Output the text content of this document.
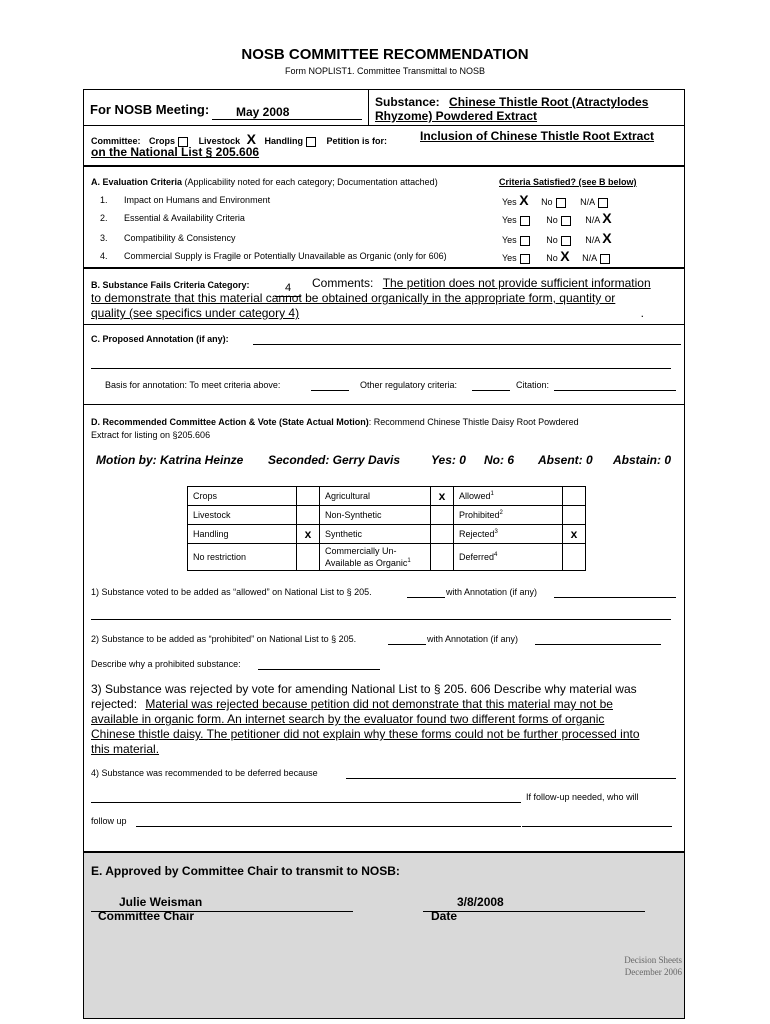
NOSB COMMITTEE RECOMMENDATION
Form NOPLIST1. Committee Transmittal to NOSB
For NOSB Meeting:	May 2008
Substance: Chinese Thistle Root (Atractylodes
Rhyzome) Powdered Extract
Committee: Crops	Livestock X Handling	Petition is for:	Inclusion of Chinese Thistle Root Extract
on the National List § 205.606
A. Evaluation Criteria (Applicability noted for each category; Documentation attached)	Criteria Satisfied? (see B below)
1. Impact on Humans and Environment	Yes X No	N/A
2. Essential & Availability Criteria	Yes	No	N/A X
3. Compatibility & Consistency	Yes	No	N/A X
4. Commercial Supply is Fragile or Potentially Unavailable as Organic (only for 606)	Yes	No X N/A
B. Substance Fails Criteria Category:	4	Comments: The petition does not provide sufficient information
to demonstrate that this material cannot be obtained organically in the appropriate form, quantity or
quality (see specifics under category 4)	.
C. Proposed Annotation (if any):
Basis for annotation: To meet criteria above:	Other regulatory criteria:	Citation:
D. Recommended Committee Action & Vote (State Actual Motion): Recommend Chinese Thistle Daisy Root Powdered
Extract for listing on §205.606
Motion by: Katrina Heinze Seconded: Gerry Davis	Yes: 0 No: 6 Absent: 0 Abstain: 0
Crops		Agricultural	x	Allowed$^1$	
Livestock		Non-Synthetic		Prohibited$^2$	
Handling	x	Synthetic		Rejected$^3$	x
No restriction		Commercially Un-
Available as Organic$^1$		Deferred$^4$	
1) Substance voted to be added as “allowed” on National List to § 205.	with Annotation (if any)
2) Substance to be added as “prohibited” on National List to § 205.	with Annotation (if any)
Describe why a prohibited substance:
3) Substance was rejected by vote for amending National List to § 205. 606 Describe why material was
rejected: Material was rejected because petition did not demonstrate that this material may not be
available in organic form. An internet search by the evaluator found two different forms of organic
Chinese thistle daisy. The petitioner did not explain why these forms could not be further processed into
this material.
4) Substance was recommended to be deferred because
If follow-up needed, who will
follow up
E. Approved by Committee Chair to transmit to NOSB:
Julie Weisman
Committee Chair
3/8/2008
Date
Decision Sheets
December 2006
